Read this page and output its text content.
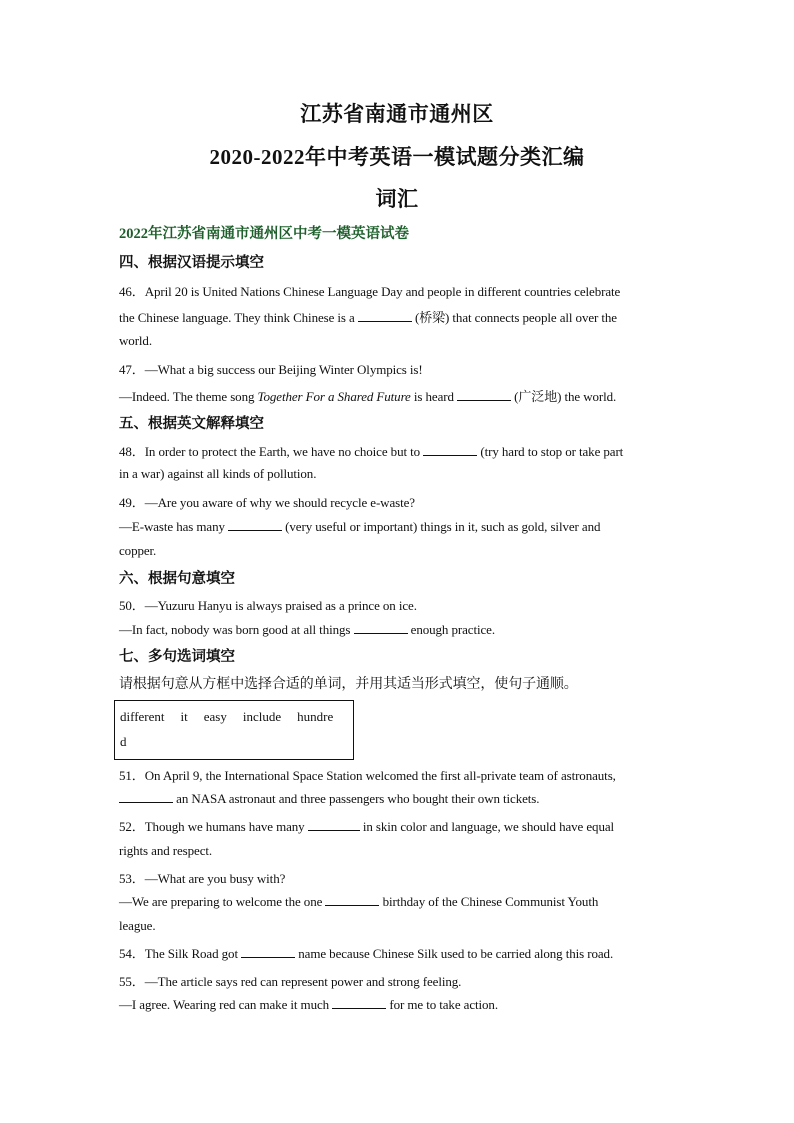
江苏省南通市通州区
2020-2022年中考英语一模试题分类汇编
词汇
2022年江苏省南通市通州区中考一模英语试卷
四、根据汉语提示填空
46．April 20 is United Nations Chinese Language Day and people in different countries celebrate
the Chinese language. They think Chinese is a	(桥梁) that connects people all over the
world.
47．—What a big success our Beijing Winter Olympics is!
—Indeed. The theme song Together For a Shared Future is heard	(广泛地) the world.
五、根据英文解释填空
48．In order to protect the Earth, we have no choice but to	(try hard to stop or take part
in a war) against all kinds of pollution.
49．—Are you aware of why we should recycle e-waste?
—E-waste has many	(very useful or important) things in it, such as gold, silver and
copper.
六、根据句意填空
50．—Yuzuru Hanyu is always praised as a prince on ice.
—In fact, nobody was born good at all things	enough practice.
七、多句选词填空
请根据句意从方框中选择合适的单词，并用其适当形式填空，使句子通顺。
different it easy include hundre
d
51．On April 9, the International Space Station welcomed the first all-private team of astronauts,
an NASA astronaut and three passengers who bought their own tickets.
52．Though we humans have many	in skin color and language, we should have equal
rights and respect.
53．—What are you busy with?
—We are preparing to welcome the one	birthday of the Chinese Communist Youth
league.
54．The Silk Road got	name because Chinese Silk used to be carried along this road.
55．—The article says red can represent power and strong feeling.
—I agree. Wearing red can make it much	for me to take action.
